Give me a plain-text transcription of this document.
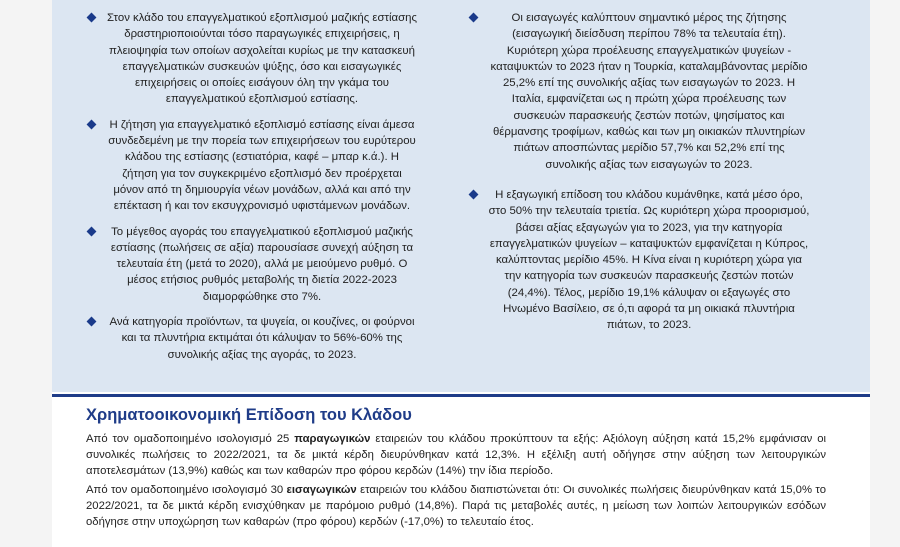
Στον κλάδο του επαγγελματικού εξοπλισμού μαζικής εστίασης δραστηριοποιούνται τόσο παραγωγικές επιχειρήσεις, η πλειοψηφία των οποίων ασχολείται κυρίως με την κατασκευή επαγγελματικών συσκευών ψύξης, όσο και εισαγωγικές επιχειρήσεις οι οποίες εισάγουν όλη την γκάμα του επαγγελματικού εξοπλισμού εστίασης.
Η ζήτηση για επαγγελματικό εξοπλισμό εστίασης είναι άμεσα συνδεδεμένη με την πορεία των επιχειρήσεων του ευρύτερου κλάδου της εστίασης (εστιατόρια, καφέ – μπαρ κ.ά.). Η ζήτηση για τον συγκεκριμένο εξοπλισμό δεν προέρχεται μόνον από τη δημιουργία νέων μονάδων, αλλά και από την επέκταση ή και τον εκσυγχρονισμό υφιστάμενων μονάδων.
Το μέγεθος αγοράς του επαγγελματικού εξοπλισμού μαζικής εστίασης (πωλήσεις σε αξία) παρουσίασε συνεχή αύξηση τα τελευταία έτη (μετά το 2020), αλλά με μειούμενο ρυθμό. Ο μέσος ετήσιος ρυθμός μεταβολής τη διετία 2022-2023 διαμορφώθηκε στο 7%.
Ανά κατηγορία προϊόντων, τα ψυγεία, οι κουζίνες, οι φούρνοι και τα πλυντήρια εκτιμάται ότι κάλυψαν το 56%-60% της συνολικής αξίας της αγοράς, το 2023.
Οι εισαγωγές καλύπτουν σημαντικό μέρος της ζήτησης (εισαγωγική διείσδυση περίπου 78% τα τελευταία έτη). Κυριότερη χώρα προέλευσης επαγγελματικών ψυγείων - καταψυκτών το 2023 ήταν η Τουρκία, καταλαμβάνοντας μερίδιο 25,2% επί της συνολικής αξίας των εισαγωγών το 2023. Η Ιταλία, εμφανίζεται ως η πρώτη χώρα προέλευσης των συσκευών παρασκευής ζεστών ποτών, ψησίματος και θέρμανσης τροφίμων, καθώς και των μη οικιακών πλυντηρίων πιάτων αποσπώντας μερίδιο 57,7% και 52,2% επί της συνολικής αξίας των εισαγωγών το 2023.
Η εξαγωγική επίδοση του κλάδου κυμάνθηκε, κατά μέσο όρο, στο 50% την τελευταία τριετία. Ως κυριότερη χώρα προορισμού, βάσει αξίας εξαγωγών για το 2023, για την κατηγορία επαγγελματικών ψυγείων – καταψυκτών εμφανίζεται η Κύπρος, καλύπτοντας μερίδιο 45%. Η Κίνα είναι η κυριότερη χώρα για την κατηγορία των συσκευών παρασκευής ζεστών ποτών (24,4%). Τέλος, μερίδιο 19,1% κάλυψαν οι εξαγωγές στο Ηνωμένο Βασίλειο, σε ό,τι αφορά τα μη οικιακά πλυντήρια πιάτων, το 2023.
Χρηματοοικονομική Επίδοση του Κλάδου

Από τον ομαδοποιημένο ισολογισμό 25 παραγωγικών εταιρειών του κλάδου προκύπτουν τα εξής: Αξιόλογη αύξηση κατά 15,2% εμφάνισαν οι συνολικές πωλήσεις το 2022/2021, τα δε μικτά κέρδη διευρύνθηκαν κατά 12,3%. Η εξέλιξη αυτή οδήγησε στην αύξηση των λειτουργικών αποτελεσμάτων (13,9%) καθώς και των καθαρών προ φόρου κερδών (14%) την ίδια περίοδο.

Από τον ομαδοποιημένο ισολογισμό 30 εισαγωγικών εταιρειών του κλάδου διαπιστώνεται ότι: Οι συνολικές πωλήσεις διευρύνθηκαν κατά 15,0% το 2022/2021, τα δε μικτά κέρδη ενισχύθηκαν με παρόμοιο ρυθμό (14,8%). Παρά τις μεταβολές αυτές, η μείωση των λοιπών λειτουργικών εσόδων οδήγησε στην υποχώρηση των καθαρών (προ φόρου) κερδών (-17,0%) το τελευταίο έτος.
